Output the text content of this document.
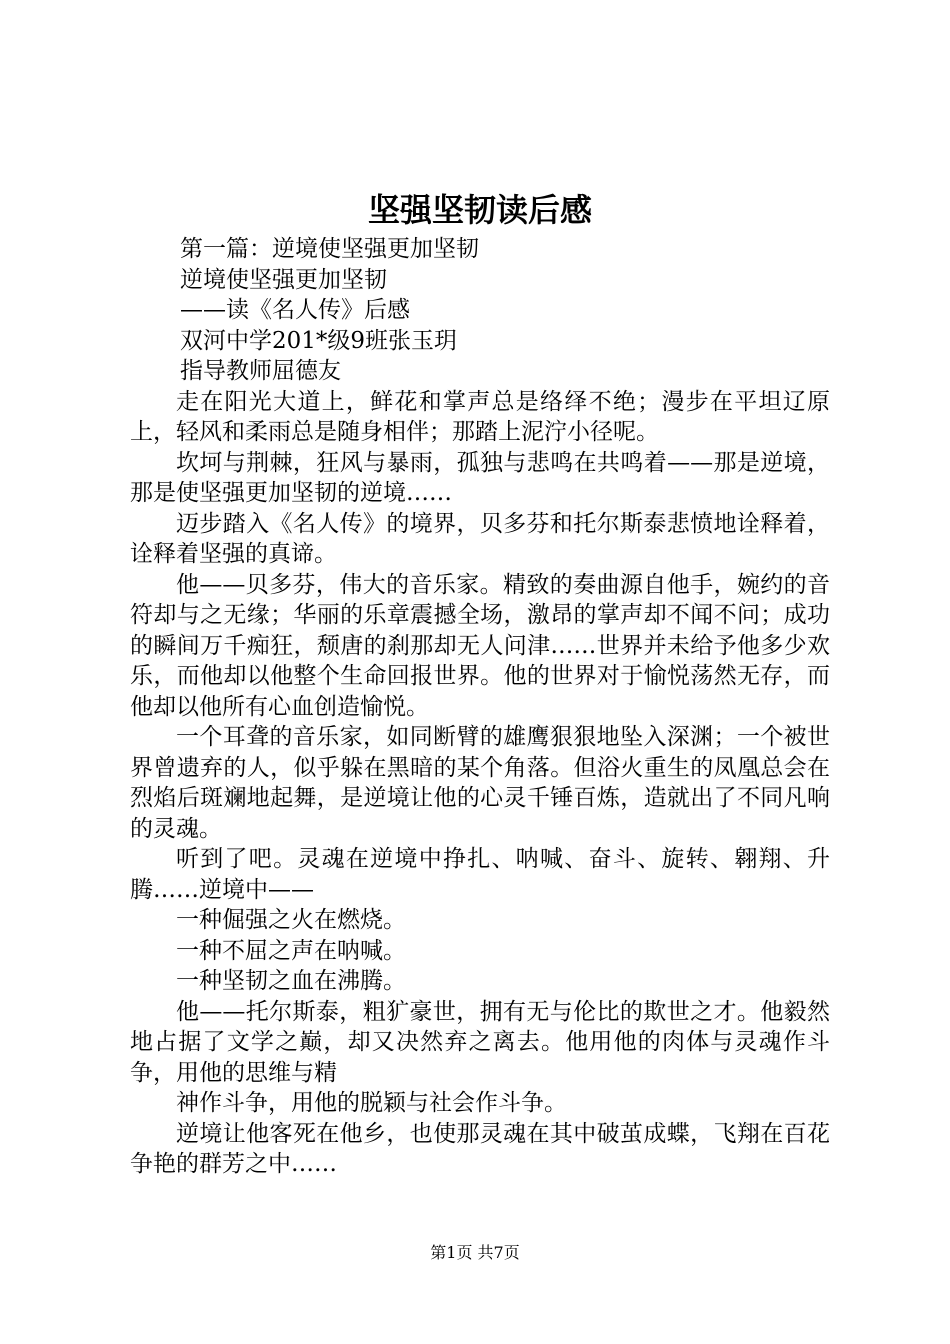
坚强坚韧读后感

第一篇：逆境使坚强更加坚韧

逆境使坚强更加坚韧

——读《名人传》后感

双河中学201*级9班张玉玥

指导教师屈德友

走在阳光大道上，鲜花和掌声总是络绎不绝；漫步在平坦辽原上，轻风和柔雨总是随身相伴；那踏上泥泞小径呢。

坎坷与荆棘，狂风与暴雨，孤独与悲鸣在共鸣着——那是逆境，那是使坚强更加坚韧的逆境……

迈步踏入《名人传》的境界，贝多芬和托尔斯泰悲愤地诠释着，诠释着坚强的真谛。

他——贝多芬，伟大的音乐家。精致的奏曲源自他手，婉约的音符却与之无缘；华丽的乐章震撼全场，激昂的掌声却不闻不问；成功的瞬间万千痴狂，颓唐的刹那却无人问津……世界并未给予他多少欢乐，而他却以他整个生命回报世界。他的世界对于愉悦荡然无存，而他却以他所有心血创造愉悦。

一个耳聋的音乐家，如同断臂的雄鹰狠狠地坠入深渊；一个被世界曾遗弃的人，似乎躲在黑暗的某个角落。但浴火重生的凤凰总会在烈焰后斑斓地起舞，是逆境让他的心灵千锤百炼，造就出了不同凡响的灵魂。

听到了吧。灵魂在逆境中挣扎、呐喊、奋斗、旋转、翱翔、升腾……逆境中——

一种倔强之火在燃烧。

一种不屈之声在呐喊。

一种坚韧之血在沸腾。

他——托尔斯泰，粗犷豪世，拥有无与伦比的欺世之才。他毅然地占据了文学之巅，却又决然弃之离去。他用他的肉体与灵魂作斗争，用他的思维与精

神作斗争，用他的脱颖与社会作斗争。

逆境让他客死在他乡，也使那灵魂在其中破茧成蝶，飞翔在百花争艳的群芳之中……

第1页 共7页
